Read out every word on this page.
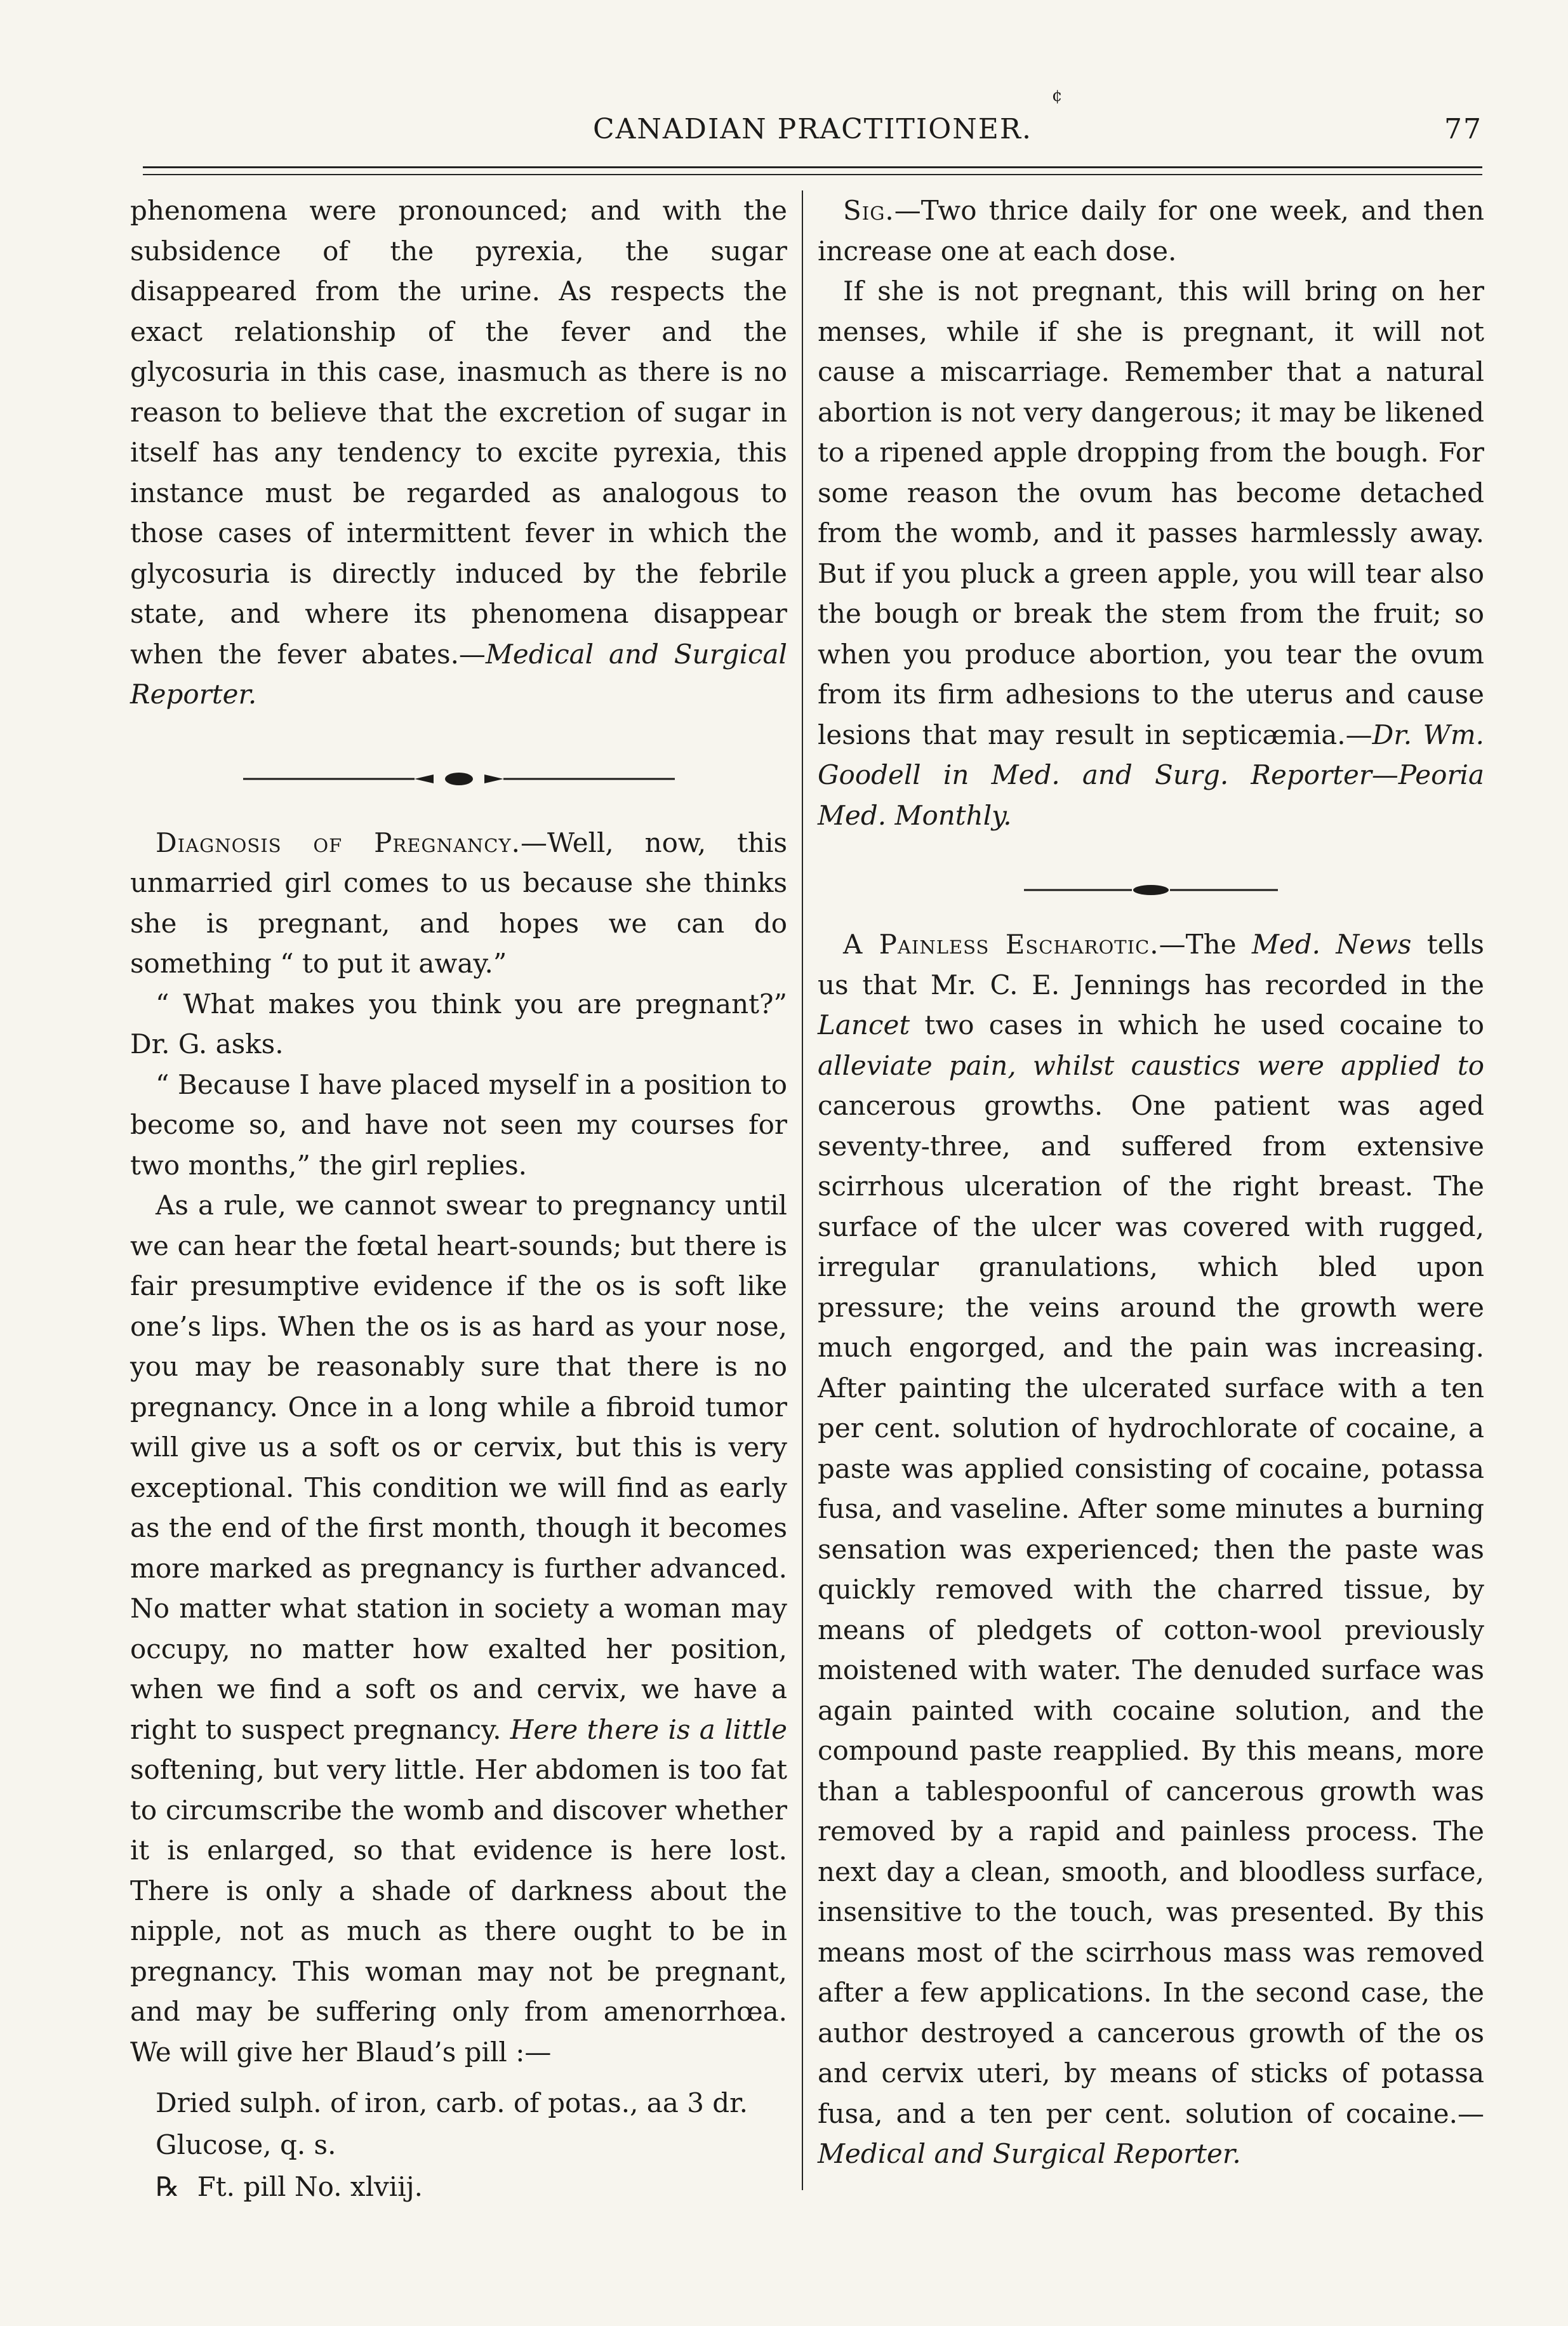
¢
CANADIAN PRACTITIONER.	77

phenomena were pronounced; and with the subsidence of the pyrexia, the sugar disappeared from the urine. As respects the exact relationship of the fever and the glycosuria in this case, inasmuch as there is no reason to believe that the excretion of sugar in itself has any tendency to excite pyrexia, this instance must be regarded as analogous to those cases of intermittent fever in which the glycosuria is directly induced by the febrile state, and where its phenomena disappear when the fever abates.—Medical and Surgical Reporter.

Diagnosis of Pregnancy.—Well, now, this unmarried girl comes to us because she thinks she is pregnant, and hopes we can do something “ to put it away.”

“ What makes you think you are pregnant?” Dr. G. asks.

“ Because I have placed myself in a position to become so, and have not seen my courses for two months,” the girl replies.

As a rule, we cannot swear to pregnancy until we can hear the fœtal heart-sounds; but there is fair presumptive evidence if the os is soft like one’s lips. When the os is as hard as your nose, you may be reasonably sure that there is no pregnancy. Once in a long while a fibroid tumor will give us a soft os or cervix, but this is very exceptional. This condition we will find as early as the end of the first month, though it becomes more marked as pregnancy is further advanced. No matter what station in society a woman may occupy, no matter how exalted her position, when we find a soft os and cervix, we have a right to suspect pregnancy. Here there is a little softening, but very little. Her abdomen is too fat to circumscribe the womb and discover whether it is enlarged, so that evidence is here lost. There is only a shade of darkness about the nipple, not as much as there ought to be in pregnancy. This woman may not be pregnant, and may be suffering only from amenorrhœa. We will give her Blaud’s pill :—

Dried sulph. of iron, carb. of potas., aa 3 dr.
Glucose, q. s.
℞ Ft. pill No. xlviij.

Sig.—Two thrice daily for one week, and then increase one at each dose.

If she is not pregnant, this will bring on her menses, while if she is pregnant, it will not cause a miscarriage. Remember that a natural abortion is not very dangerous; it may be likened to a ripened apple dropping from the bough. For some reason the ovum has become detached from the womb, and it passes harmlessly away. But if you pluck a green apple, you will tear also the bough or break the stem from the fruit; so when you produce abortion, you tear the ovum from its firm adhesions to the uterus and cause lesions that may result in septicæmia.—Dr. Wm. Goodell in Med. and Surg. Reporter—Peoria Med. Monthly.

A Painless Escharotic.—The Med. News tells us that Mr. C. E. Jennings has recorded in the Lancet two cases in which he used cocaine to alleviate pain, whilst caustics were applied to cancerous growths. One patient was aged seventy-three, and suffered from extensive scirrhous ulceration of the right breast. The surface of the ulcer was covered with rugged, irregular granulations, which bled upon pressure; the veins around the growth were much engorged, and the pain was increasing. After painting the ulcerated surface with a ten per cent. solution of hydrochlorate of cocaine, a paste was applied consisting of cocaine, potassa fusa, and vaseline. After some minutes a burning sensation was experienced; then the paste was quickly removed with the charred tissue, by means of pledgets of cotton-wool previously moistened with water. The denuded surface was again painted with cocaine solution, and the compound paste reapplied. By this means, more than a tablespoonful of cancerous growth was removed by a rapid and painless process. The next day a clean, smooth, and bloodless surface, insensitive to the touch, was presented. By this means most of the scirrhous mass was removed after a few applications. In the second case, the author destroyed a cancerous growth of the os and cervix uteri, by means of sticks of potassa fusa, and a ten per cent. solution of cocaine.—Medical and Surgical Reporter.
